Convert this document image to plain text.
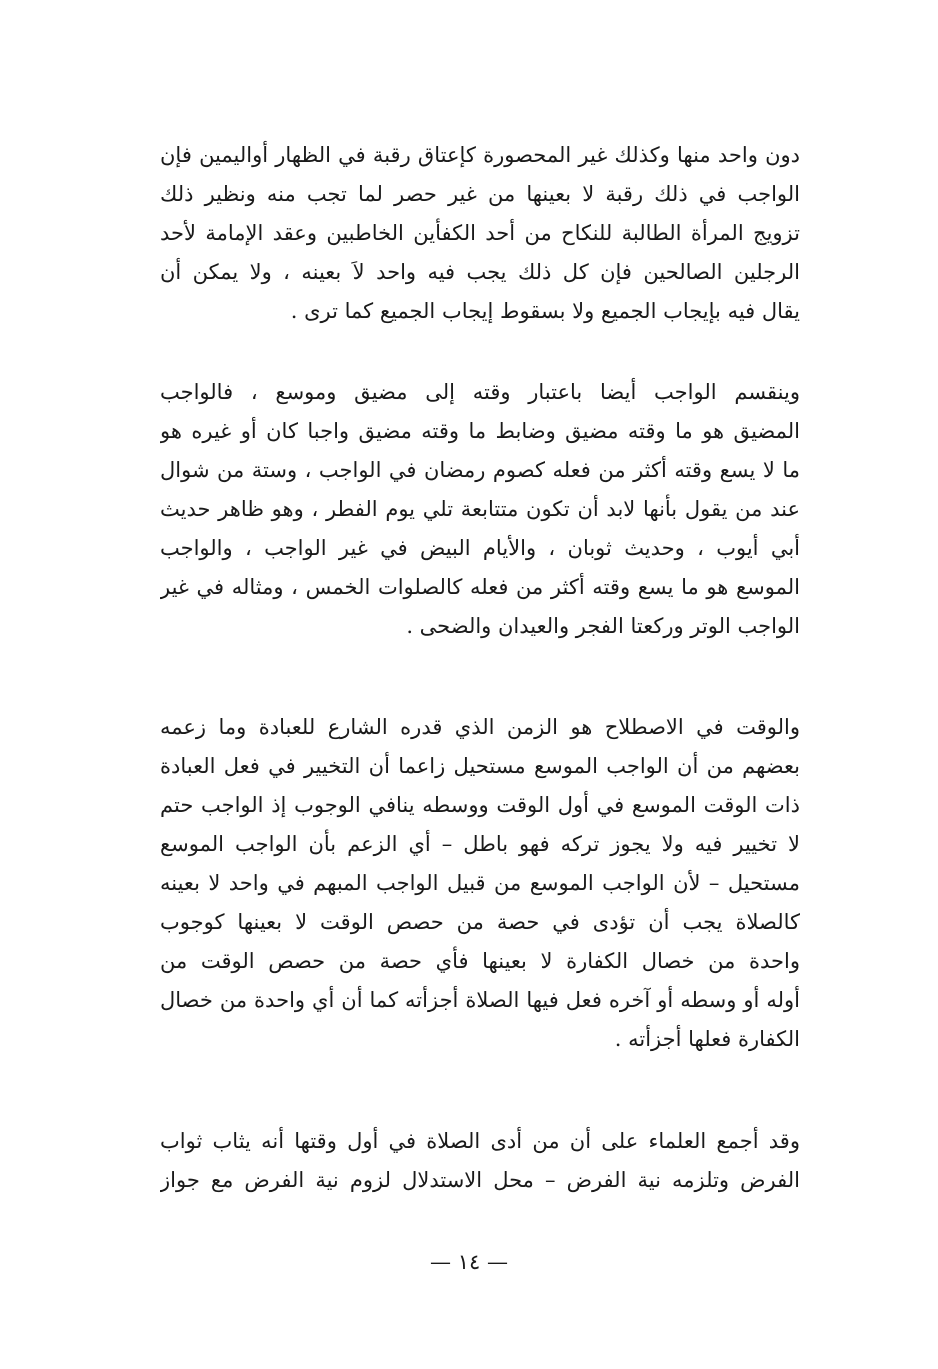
دون واحد منها وكذلك غير المحصورة كإعتاق رقبة في الظهار أواليمين فإن
الواجب في ذلك رقبة لا بعينها من غير حصر لما تجب منه ونظير ذلك
تزويج المرأة الطالبة للنكاح من أحد الكفأين الخاطبين وعقد الإمامة لأحد
الرجلين الصالحين فإن كل ذلك يجب فيه واحد لاَ بعينه ، ولا يمكن أن
يقال فيه بإيجاب الجميع ولا بسقوط إيجاب الجميع كما ترى .
وينقسم الواجب أيضا باعتبار وقته إلى مضيق وموسع ، فالواجب
المضيق هو ما وقته مضيق وضابط ما وقته مضيق واجبا كان أو غيره هو
ما لا يسع وقته أكثر من فعله كصوم رمضان في الواجب ، وستة من شوال
عند من يقول بأنها لابد أن تكون متتابعة تلي يوم الفطر ، وهو ظاهر حديث
أبي أيوب ، وحديث ثوبان ، والأيام البيض في غير الواجب ، والواجب
الموسع هو ما يسع وقته أكثر من فعله كالصلوات الخمس ، ومثاله في غير
الواجب الوتر وركعتا الفجر والعيدان والضحى .
والوقت في الاصطلاح هو الزمن الذي قدره الشارع للعبادة وما زعمه
بعضهم من أن الواجب الموسع مستحيل زاعما أن التخيير في فعل العبادة
ذات الوقت الموسع في أول الوقت ووسطه ينافي الوجوب إذ الواجب حتم
لا تخيير فيه ولا يجوز تركه فهو باطل – أي الزعم بأن الواجب الموسع
مستحيل – لأن الواجب الموسع من قبيل الواجب المبهم في واحد لا بعينه
كالصلاة يجب أن تؤدى في حصة من حصص الوقت لا بعينها كوجوب
واحدة من خصال الكفارة لا بعينها فأي حصة من حصص الوقت من
أوله أو وسطه أو آخره فعل فيها الصلاة أجزأته كما أن أي واحدة من خصال
الكفارة فعلها أجزأته .
وقد أجمع العلماء على أن من أدى الصلاة في أول وقتها أنه يثاب ثواب
الفرض وتلزمه نية الفرض – محل الاستدلال لزوم نية الفرض مع جواز
— ١٤ —
